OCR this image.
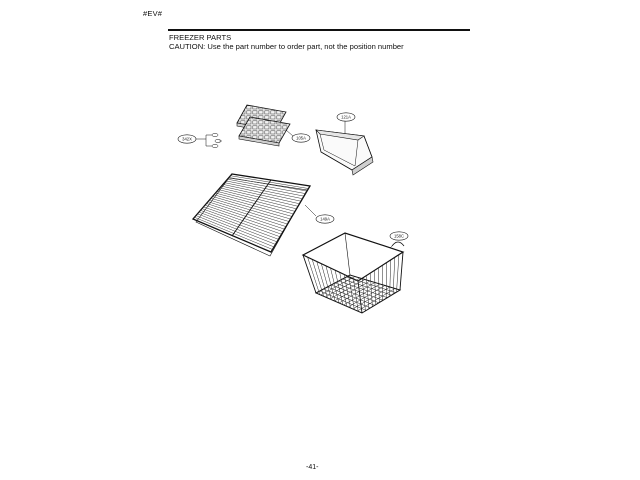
#EV#
FREEZER PARTS
CAUTION: Use the part number to order part, not the position number
105A
342X
121A
149A
158C
-41-
